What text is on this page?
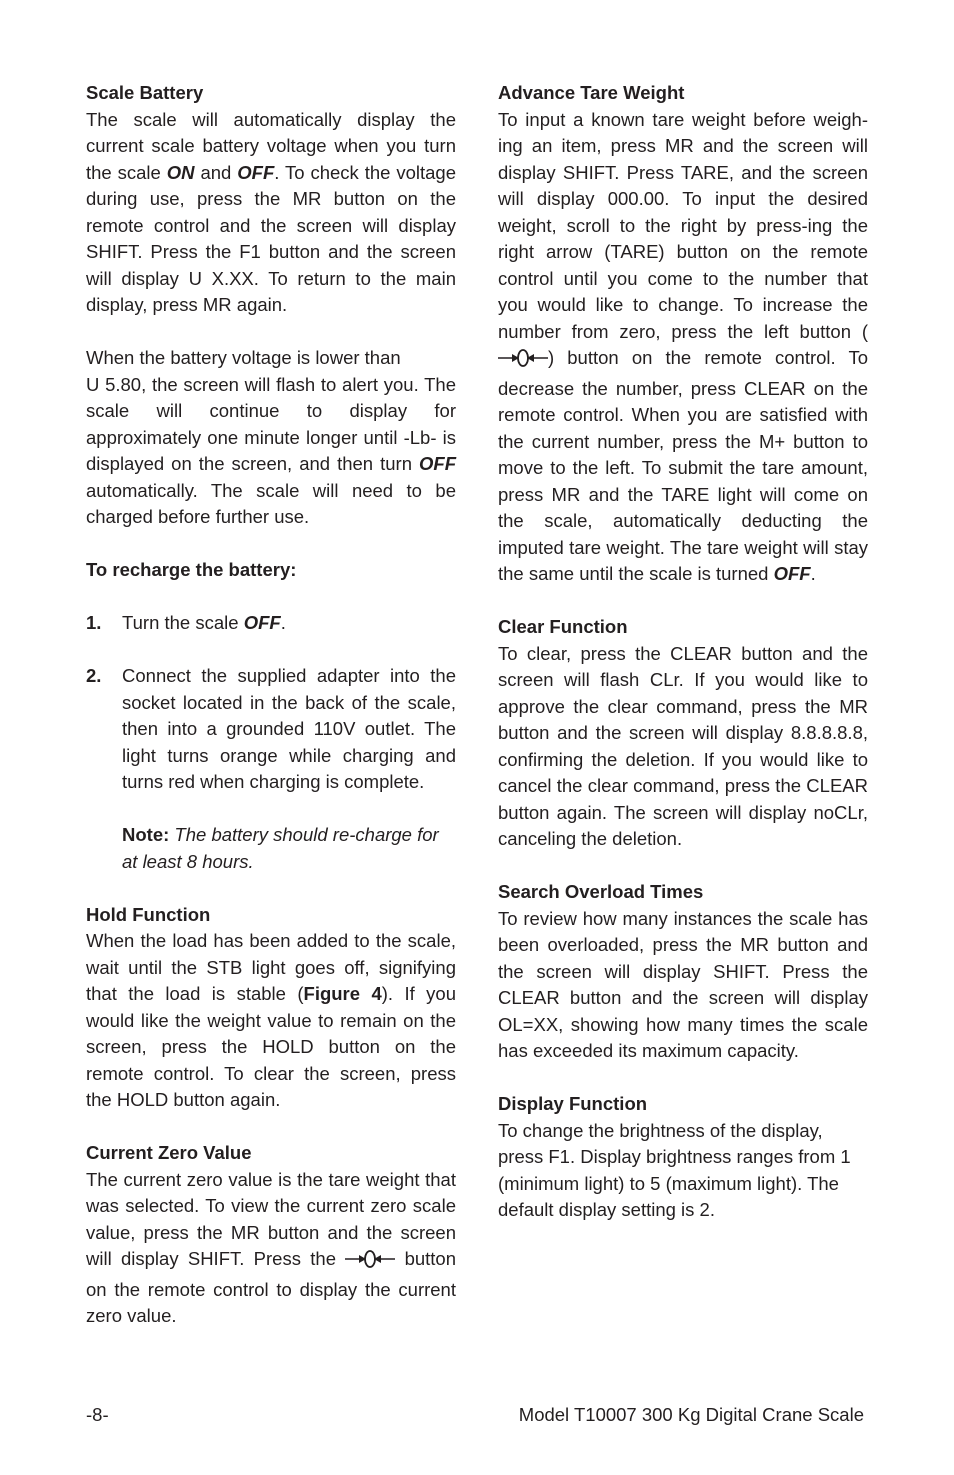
Scale Battery

The scale will automatically display the current scale battery voltage when you turn the scale ON and OFF. To check the voltage during use, press the MR button on the remote control and the screen will display SHIFT. Press the F1 button and the screen will display U X.XX. To return to the main display, press MR again.

When the battery voltage is lower than

U 5.80, the screen will flash to alert you. The scale will continue to display for approximately one minute longer until -Lb- is displayed on the screen, and then turn OFF automatically. The scale will need to be charged before further use.

To recharge the battery:

1. Turn the scale OFF.

2. Connect the supplied adapter into the socket located in the back of the scale, then into a grounded 110V outlet. The light turns orange while charging and turns red when charging is complete.

Note: The battery should re-charge for at least 8 hours.

Hold Function

When the load has been added to the scale, wait until the STB light goes off, signifying that the load is stable (Figure 4). If you would like the weight value to remain on the screen, press the HOLD button on the remote control. To clear the screen, press the HOLD button again.

Current Zero Value

The current zero value is the tare weight that was selected. To view the current zero scale value, press the MR button and the screen will display SHIFT. Press the	button on the remote control to display the current zero value.

Advance Tare Weight

To input a known tare weight before weigh-ing an item, press MR and the screen will display SHIFT. Press TARE, and the screen will display 000.00. To input the desired weight, scroll to the right by press-ing the right arrow (TARE) button on the remote control until you come to the number that you would like to change. To increase the number from zero, press the left button () button on the remote control. To decrease the number, press CLEAR on the remote control. When you are satisfied with the current number, press the M+ button to move to the left. To submit the tare amount, press MR and the TARE light will come on the scale, automatically deducting the imputed tare weight. The tare weight will stay the same until the scale is turned OFF.

Clear Function

To clear, press the CLEAR button and the screen will flash CLr. If you would like to approve the clear command, press the MR button and the screen will display 8.8.8.8.8, confirming the deletion. If you would like to cancel the clear command, press the CLEAR button again. The screen will display noCLr, canceling the deletion.

Search Overload Times

To review how many instances the scale has been overloaded, press the MR button and the screen will display SHIFT. Press the CLEAR button and the screen will display OL=XX, showing how many times the scale has exceeded its maximum capacity.

Display Function

To change the brightness of the display, press F1. Display brightness ranges from 1 (minimum light) to 5 (maximum light). The default display setting is 2.

-8-	Model T10007 300 Kg Digital Crane Scale
